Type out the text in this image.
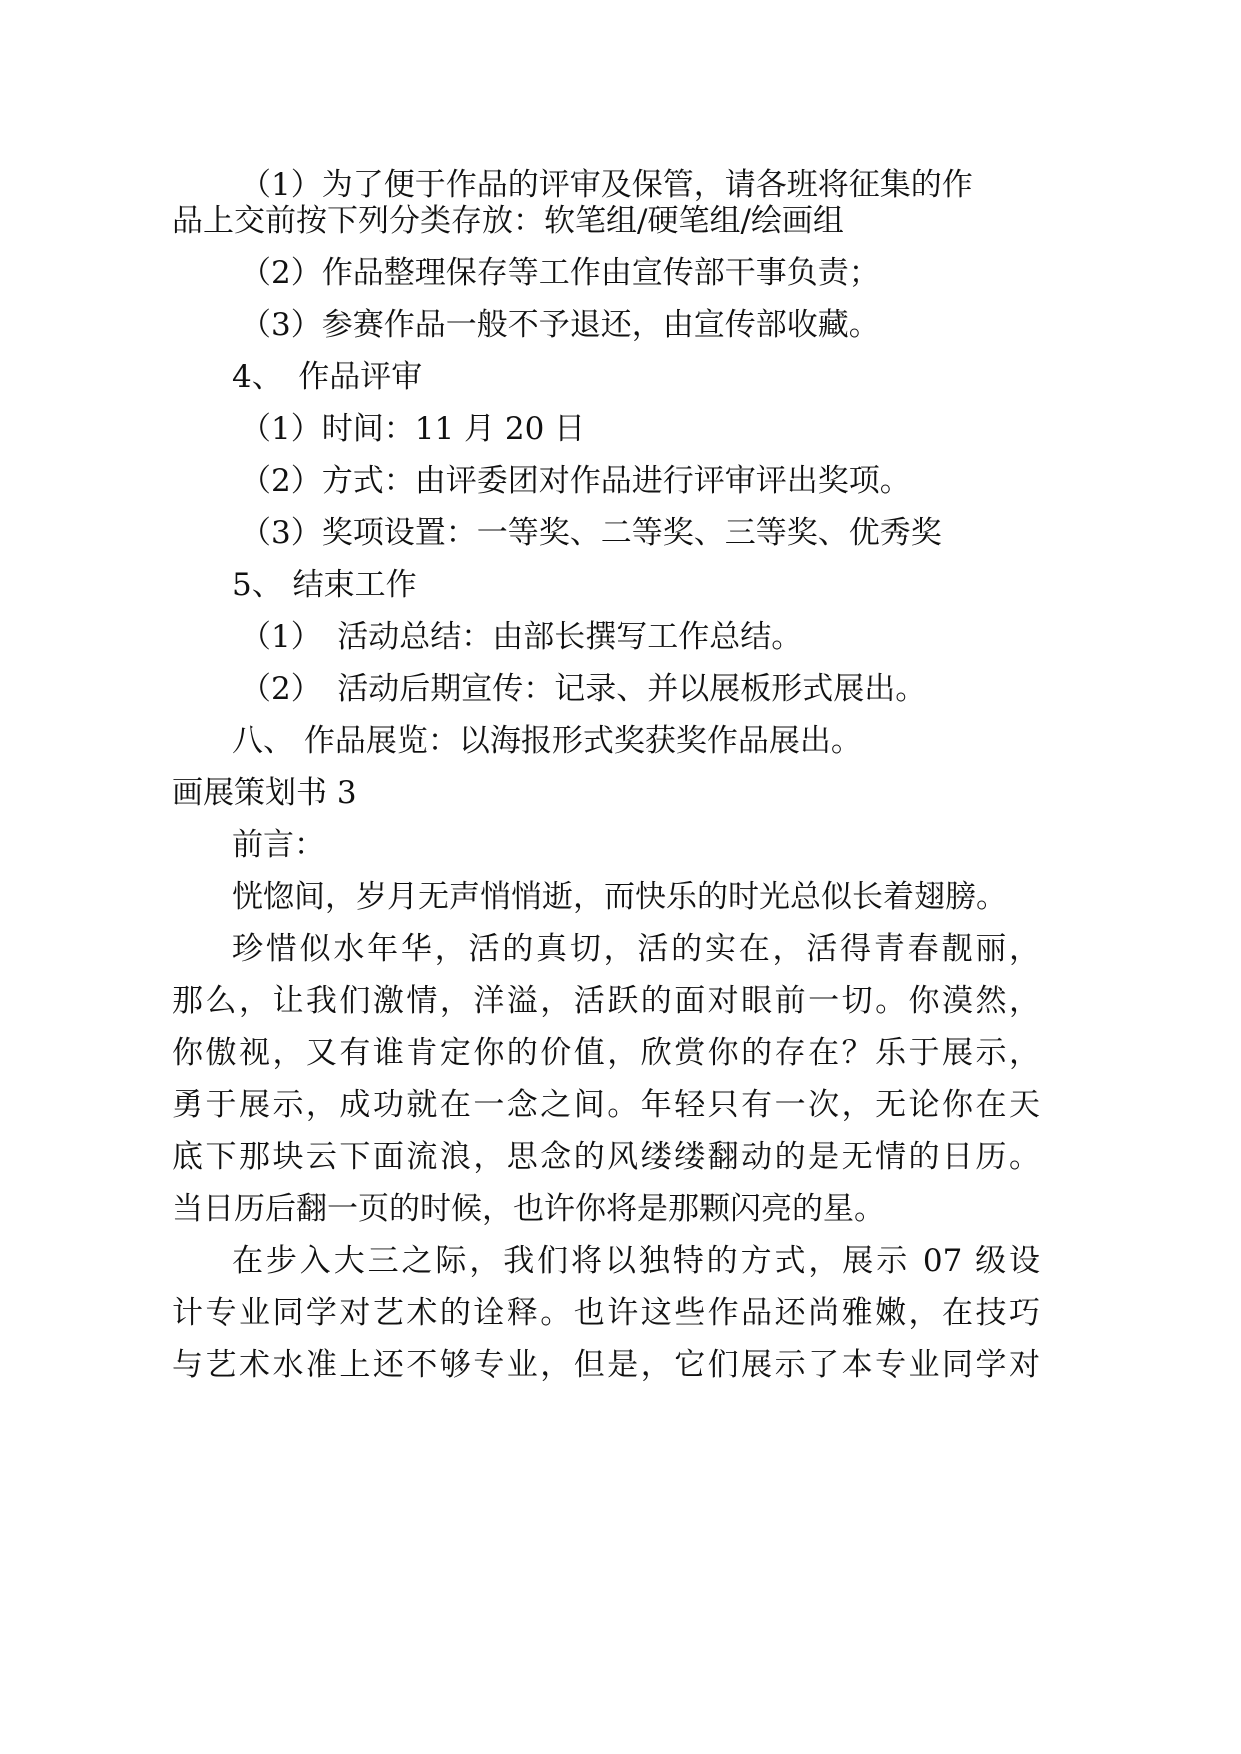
（1）为了便于作品的评审及保管，请各班将征集的作
品上交前按下列分类存放：软笔组/硬笔组/绘画组
（2）作品整理保存等工作由宣传部干事负责；
（3）参赛作品一般不予退还，由宣传部收藏。
4、　作品评审
（1）时间：11 月 20 日
（2）方式：由评委团对作品进行评审评出奖项。
（3）奖项设置：一等奖、二等奖、三等奖、优秀奖
5、 结束工作
（1）　活动总结：由部长撰写工作总结。
（2）　活动后期宣传：记录、并以展板形式展出。
八、 作品展览：以海报形式奖获奖作品展出。
画展策划书 3
前言：
恍惚间，岁月无声悄悄逝，而快乐的时光总似长着翅膀。
珍惜似水年华，活的真切，活的实在，活得青春靓丽，
那么，让我们激情，洋溢，活跃的面对眼前一切。你漠然，
你傲视，又有谁肯定你的价值，欣赏你的存在？乐于展示，
勇于展示，成功就在一念之间。年轻只有一次，无论你在天
底下那块云下面流浪，思念的风缕缕翻动的是无情的日历。
当日历后翻一页的时候，也许你将是那颗闪亮的星。
在步入大三之际，我们将以独特的方式，展示 07 级设
计专业同学对艺术的诠释。也许这些作品还尚雅嫩，在技巧
与艺术水准上还不够专业，但是，它们展示了本专业同学对
